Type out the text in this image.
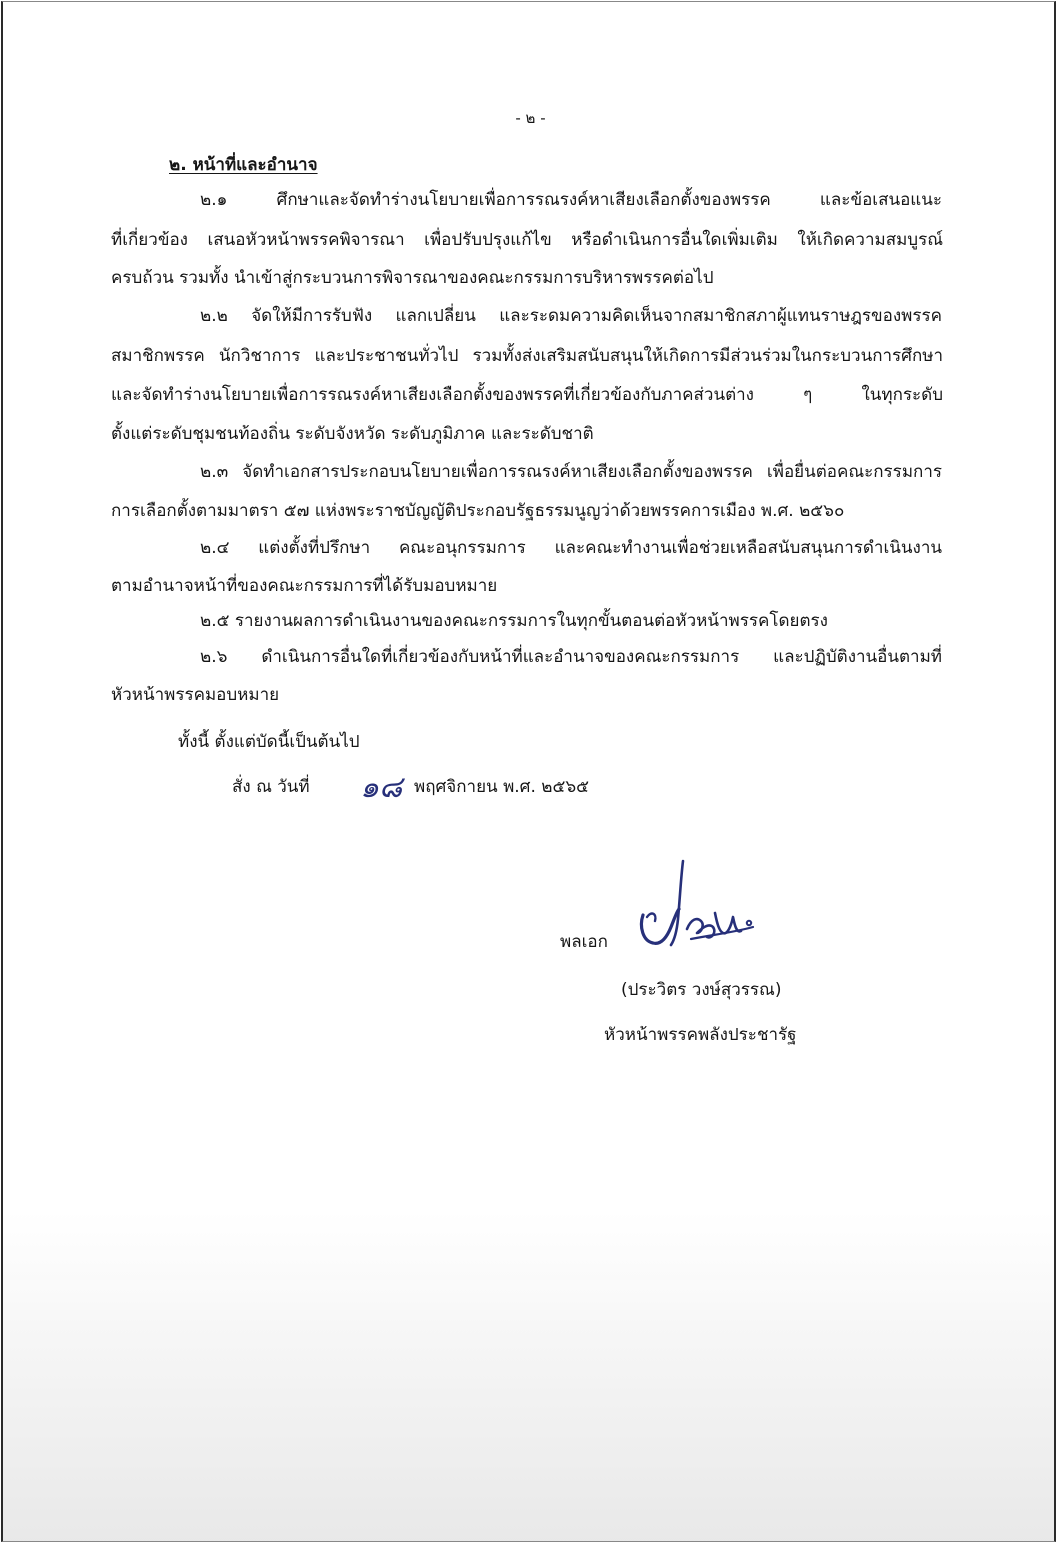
- ๒ -
๒. หน้าที่และอำนาจ
๒.๑ ศึกษาและจัดทำร่างนโยบายเพื่อการรณรงค์หาเสียงเลือกตั้งของพรรค และข้อเสนอแนะ
ที่เกี่ยวข้อง เสนอหัวหน้าพรรคพิจารณา เพื่อปรับปรุงแก้ไข หรือดำเนินการอื่นใดเพิ่มเติม ให้เกิดความสมบูรณ์
ครบถ้วน รวมทั้ง นำเข้าสู่กระบวนการพิจารณาของคณะกรรมการบริหารพรรคต่อไป
๒.๒ จัดให้มีการรับฟัง แลกเปลี่ยน และระดมความคิดเห็นจากสมาชิกสภาผู้แทนราษฎรของพรรค
สมาชิกพรรค นักวิชาการ และประชาชนทั่วไป รวมทั้งส่งเสริมสนับสนุนให้เกิดการมีส่วนร่วมในกระบวนการศึกษา
และจัดทำร่างนโยบายเพื่อการรณรงค์หาเสียงเลือกตั้งของพรรคที่เกี่ยวข้องกับภาคส่วนต่าง ๆ ในทุกระดับ
ตั้งแต่ระดับชุมชนท้องถิ่น ระดับจังหวัด ระดับภูมิภาค และระดับชาติ
๒.๓ จัดทำเอกสารประกอบนโยบายเพื่อการรณรงค์หาเสียงเลือกตั้งของพรรค เพื่อยื่นต่อคณะกรรมการ
การเลือกตั้งตามมาตรา ๕๗ แห่งพระราชบัญญัติประกอบรัฐธรรมนูญว่าด้วยพรรคการเมือง พ.ศ. ๒๕๖๐
๒.๔ แต่งตั้งที่ปรึกษา คณะอนุกรรมการ และคณะทำงานเพื่อช่วยเหลือสนับสนุนการดำเนินงาน
ตามอำนาจหน้าที่ของคณะกรรมการที่ได้รับมอบหมาย
๒.๕ รายงานผลการดำเนินงานของคณะกรรมการในทุกขั้นตอนต่อหัวหน้าพรรคโดยตรง
๒.๖ ดำเนินการอื่นใดที่เกี่ยวข้องกับหน้าที่และอำนาจของคณะกรรมการ และปฏิบัติงานอื่นตามที่
หัวหน้าพรรคมอบหมาย
ทั้งนี้ ตั้งแต่บัดนี้เป็นต้นไป
สั่ง ณ วันที่ ๑๘ พฤศจิกายน พ.ศ. ๒๕๖๕
พลเอก
(ประวิตร วงษ์สุวรรณ)
หัวหน้าพรรคพลังประชารัฐ
